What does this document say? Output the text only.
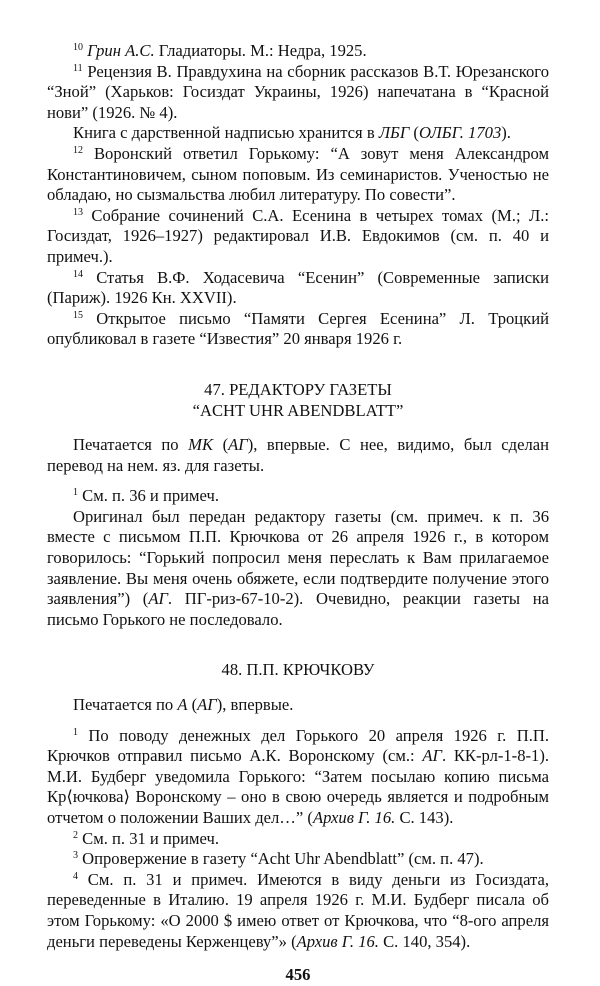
$^{10}$ Грин А.С. Гладиаторы. М.: Недра, 1925.

$^{11}$ Рецензия В. Правдухина на сборник рассказов В.Т. Юрезанского “Зной” (Харьков: Госиздат Украины, 1926) напечатана в “Красной нови” (1926. № 4).

Книга с дарственной надписью хранится в ЛБГ (ОЛБГ. 1703).

$^{12}$ Воронский ответил Горькому: “А зовут меня Александром Константиновичем, сыном поповым. Из семинаристов. Ученостью не обладаю, но сызмальства любил литературу. По совести”.

$^{13}$ Собрание сочинений С.А. Есенина в четырех томах (М.; Л.: Госиздат, 1926–1927) редактировал И.В. Евдокимов (см. п. 40 и примеч.).

$^{14}$ Статья В.Ф. Ходасевича “Есенин” (Современные записки (Париж). 1926 Кн. XXVII).

$^{15}$ Открытое письмо “Памяти Сергея Есенина” Л. Троцкий опубликовал в газете “Известия” 20 января 1926 г.

47. РЕДАКТОРУ ГАЗЕТЫ

“ACHT UHR ABENDBLATT”

Печатается по МК (АГ), впервые. С нее, видимо, был сделан перевод на нем. яз. для газеты.

$^1$ См. п. 36 и примеч.

Оригинал был передан редактору газеты (см. примеч. к п. 36 вместе с письмом П.П. Крючкова от 26 апреля 1926 г., в котором говорилось: “Горький попросил меня переслать к Вам прилагаемое заявление. Вы меня очень обяжете, если подтвердите получение этого заявления”) (АГ. ПГ-риз-67-10-2). Очевидно, реакции газеты на письмо Горького не последовало.

48. П.П. КРЮЧКОВУ

Печатается по А (АГ), впервые.

$^1$ По поводу денежных дел Горького 20 апреля 1926 г. П.П. Крючков отправил письмо А.К. Воронскому (см.: АГ. КК-рл-1-8-1). М.И. Будберг уведомила Горького: “Затем посылаю копию письма Кр⟨ючкова⟩ Воронскому – оно в свою очередь является и подробным отчетом о положении Ваших дел…” (Архив Г. 16. С. 143).

$^2$ См. п. 31 и примеч.

$^3$ Опровержение в газету “Acht Uhr Abendblatt” (см. п. 47).

$^4$ См. п. 31 и примеч. Имеются в виду деньги из Госиздата, переведенные в Италию. 19 апреля 1926 г. М.И. Будберг писала об этом Горькому: «О 2000 $ имею ответ от Крючкова, что “8-ого апреля деньги переведены Керженцеву”» (Архив Г. 16. С. 140, 354).

456
